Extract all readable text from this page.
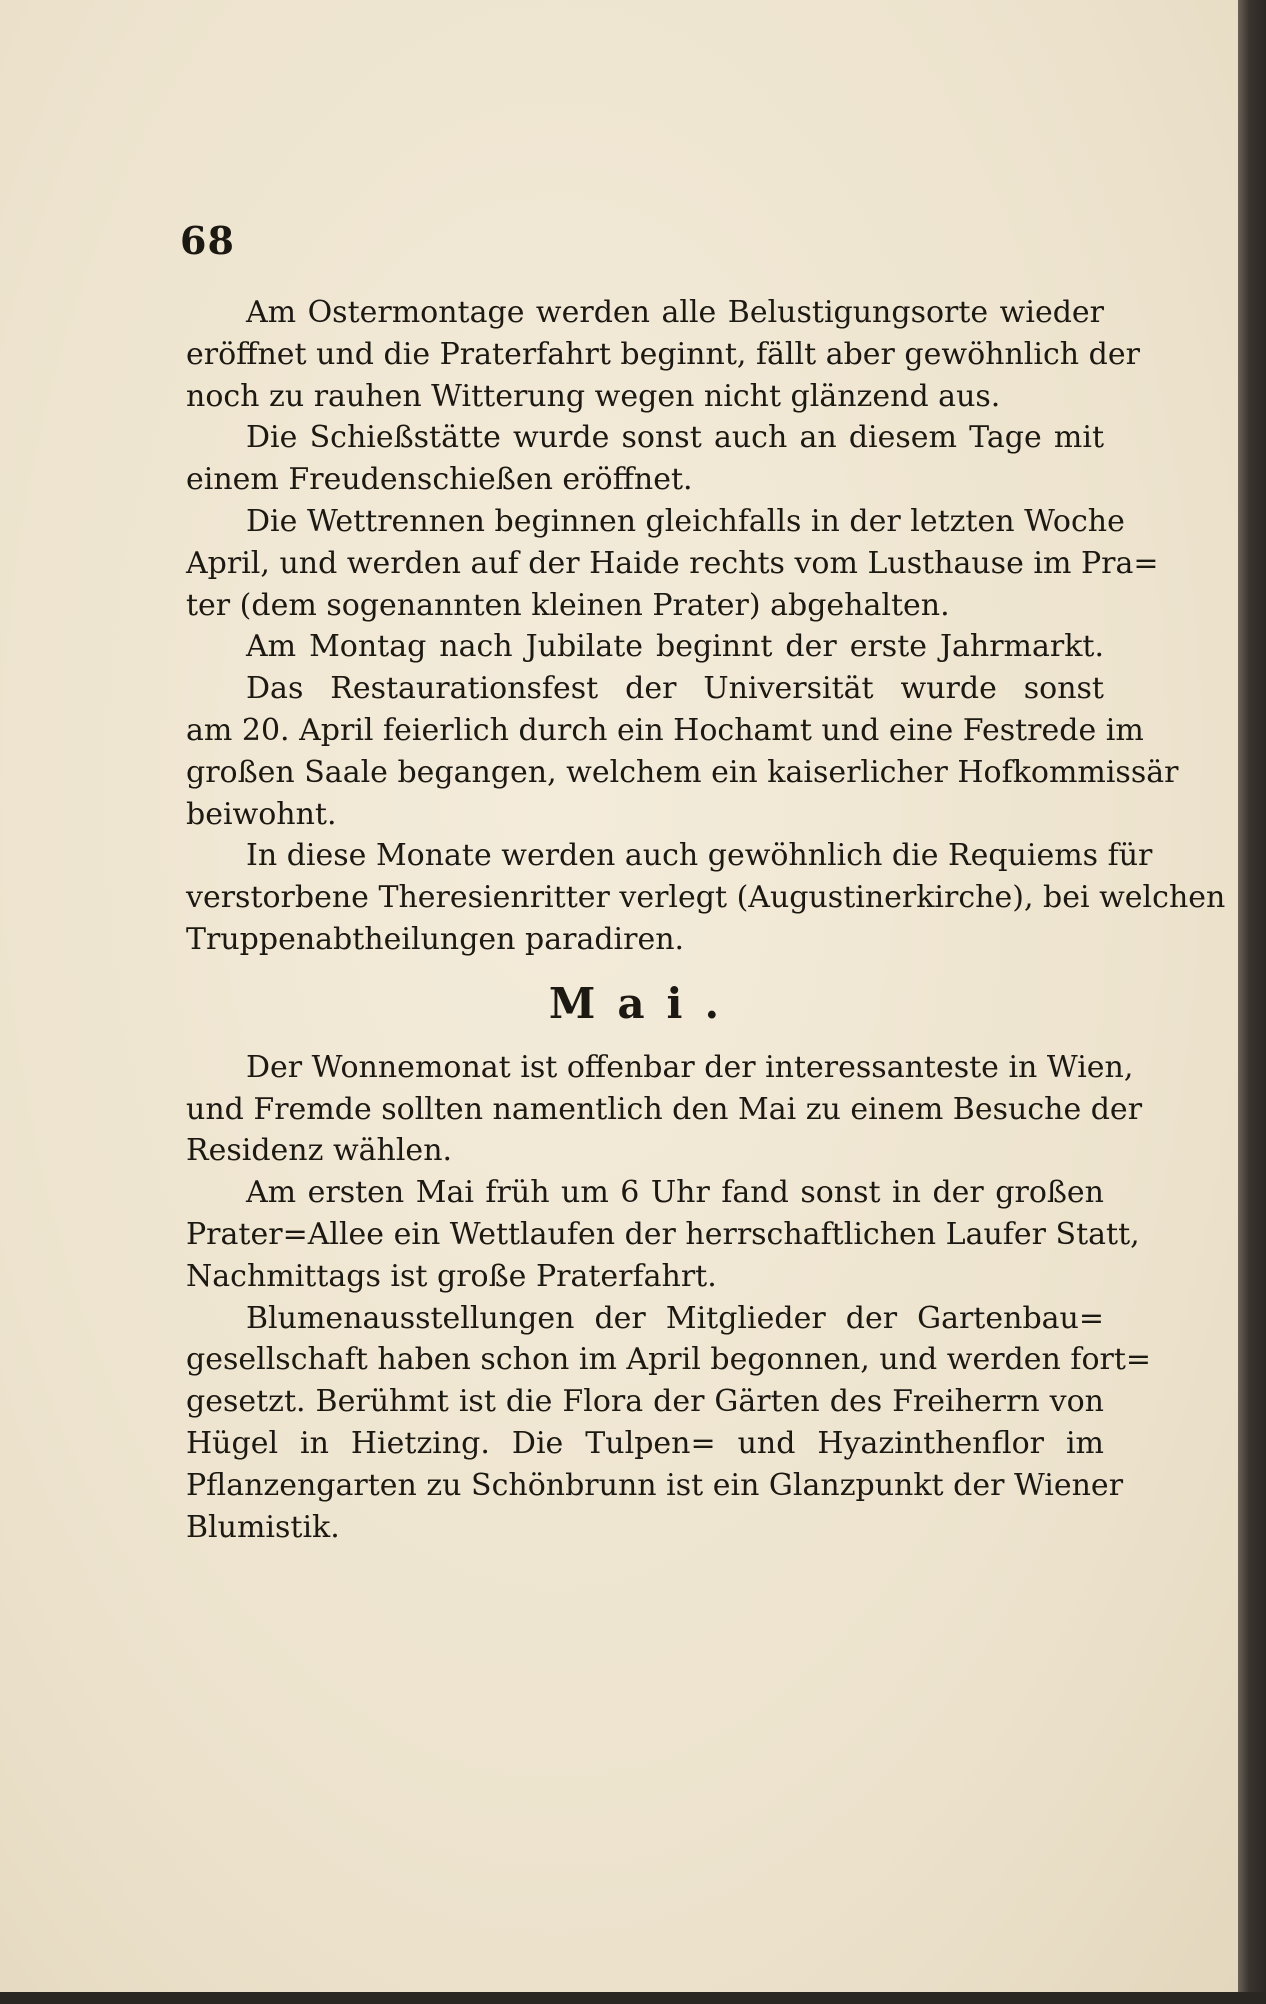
68
Am Ostermontage werden alle Belustigungsorte wieder
eröffnet und die Praterfahrt beginnt, fällt aber gewöhnlich der
noch zu rauhen Witterung wegen nicht glänzend aus.
Die Schießstätte wurde sonst auch an diesem Tage mit
einem Freudenschießen eröffnet.
Die Wettrennen beginnen gleichfalls in der letzten Woche
April, und werden auf der Haide rechts vom Lusthause im Pra=
ter (dem sogenannten kleinen Prater) abgehalten.
Am Montag nach Jubilate beginnt der erste Jahrmarkt.
Das Restaurationsfest der Universität wurde sonst
am 20. April feierlich durch ein Hochamt und eine Festrede im
großen Saale begangen, welchem ein kaiserlicher Hofkommissär
beiwohnt.
In diese Monate werden auch gewöhnlich die Requiems für
verstorbene Theresienritter verlegt (Augustinerkirche), bei welchen
Truppenabtheilungen paradiren.
Mai.
Der Wonnemonat ist offenbar der interessanteste in Wien,
und Fremde sollten namentlich den Mai zu einem Besuche der
Residenz wählen.
Am ersten Mai früh um 6 Uhr fand sonst in der großen
Prater=Allee ein Wettlaufen der herrschaftlichen Laufer Statt,
Nachmittags ist große Praterfahrt.
Blumenausstellungen der Mitglieder der Gartenbau=
gesellschaft haben schon im April begonnen, und werden fort=
gesetzt. Berühmt ist die Flora der Gärten des Freiherrn von
Hügel in Hietzing. Die Tulpen= und Hyazinthenflor im
Pflanzengarten zu Schönbrunn ist ein Glanzpunkt der Wiener
Blumistik.
